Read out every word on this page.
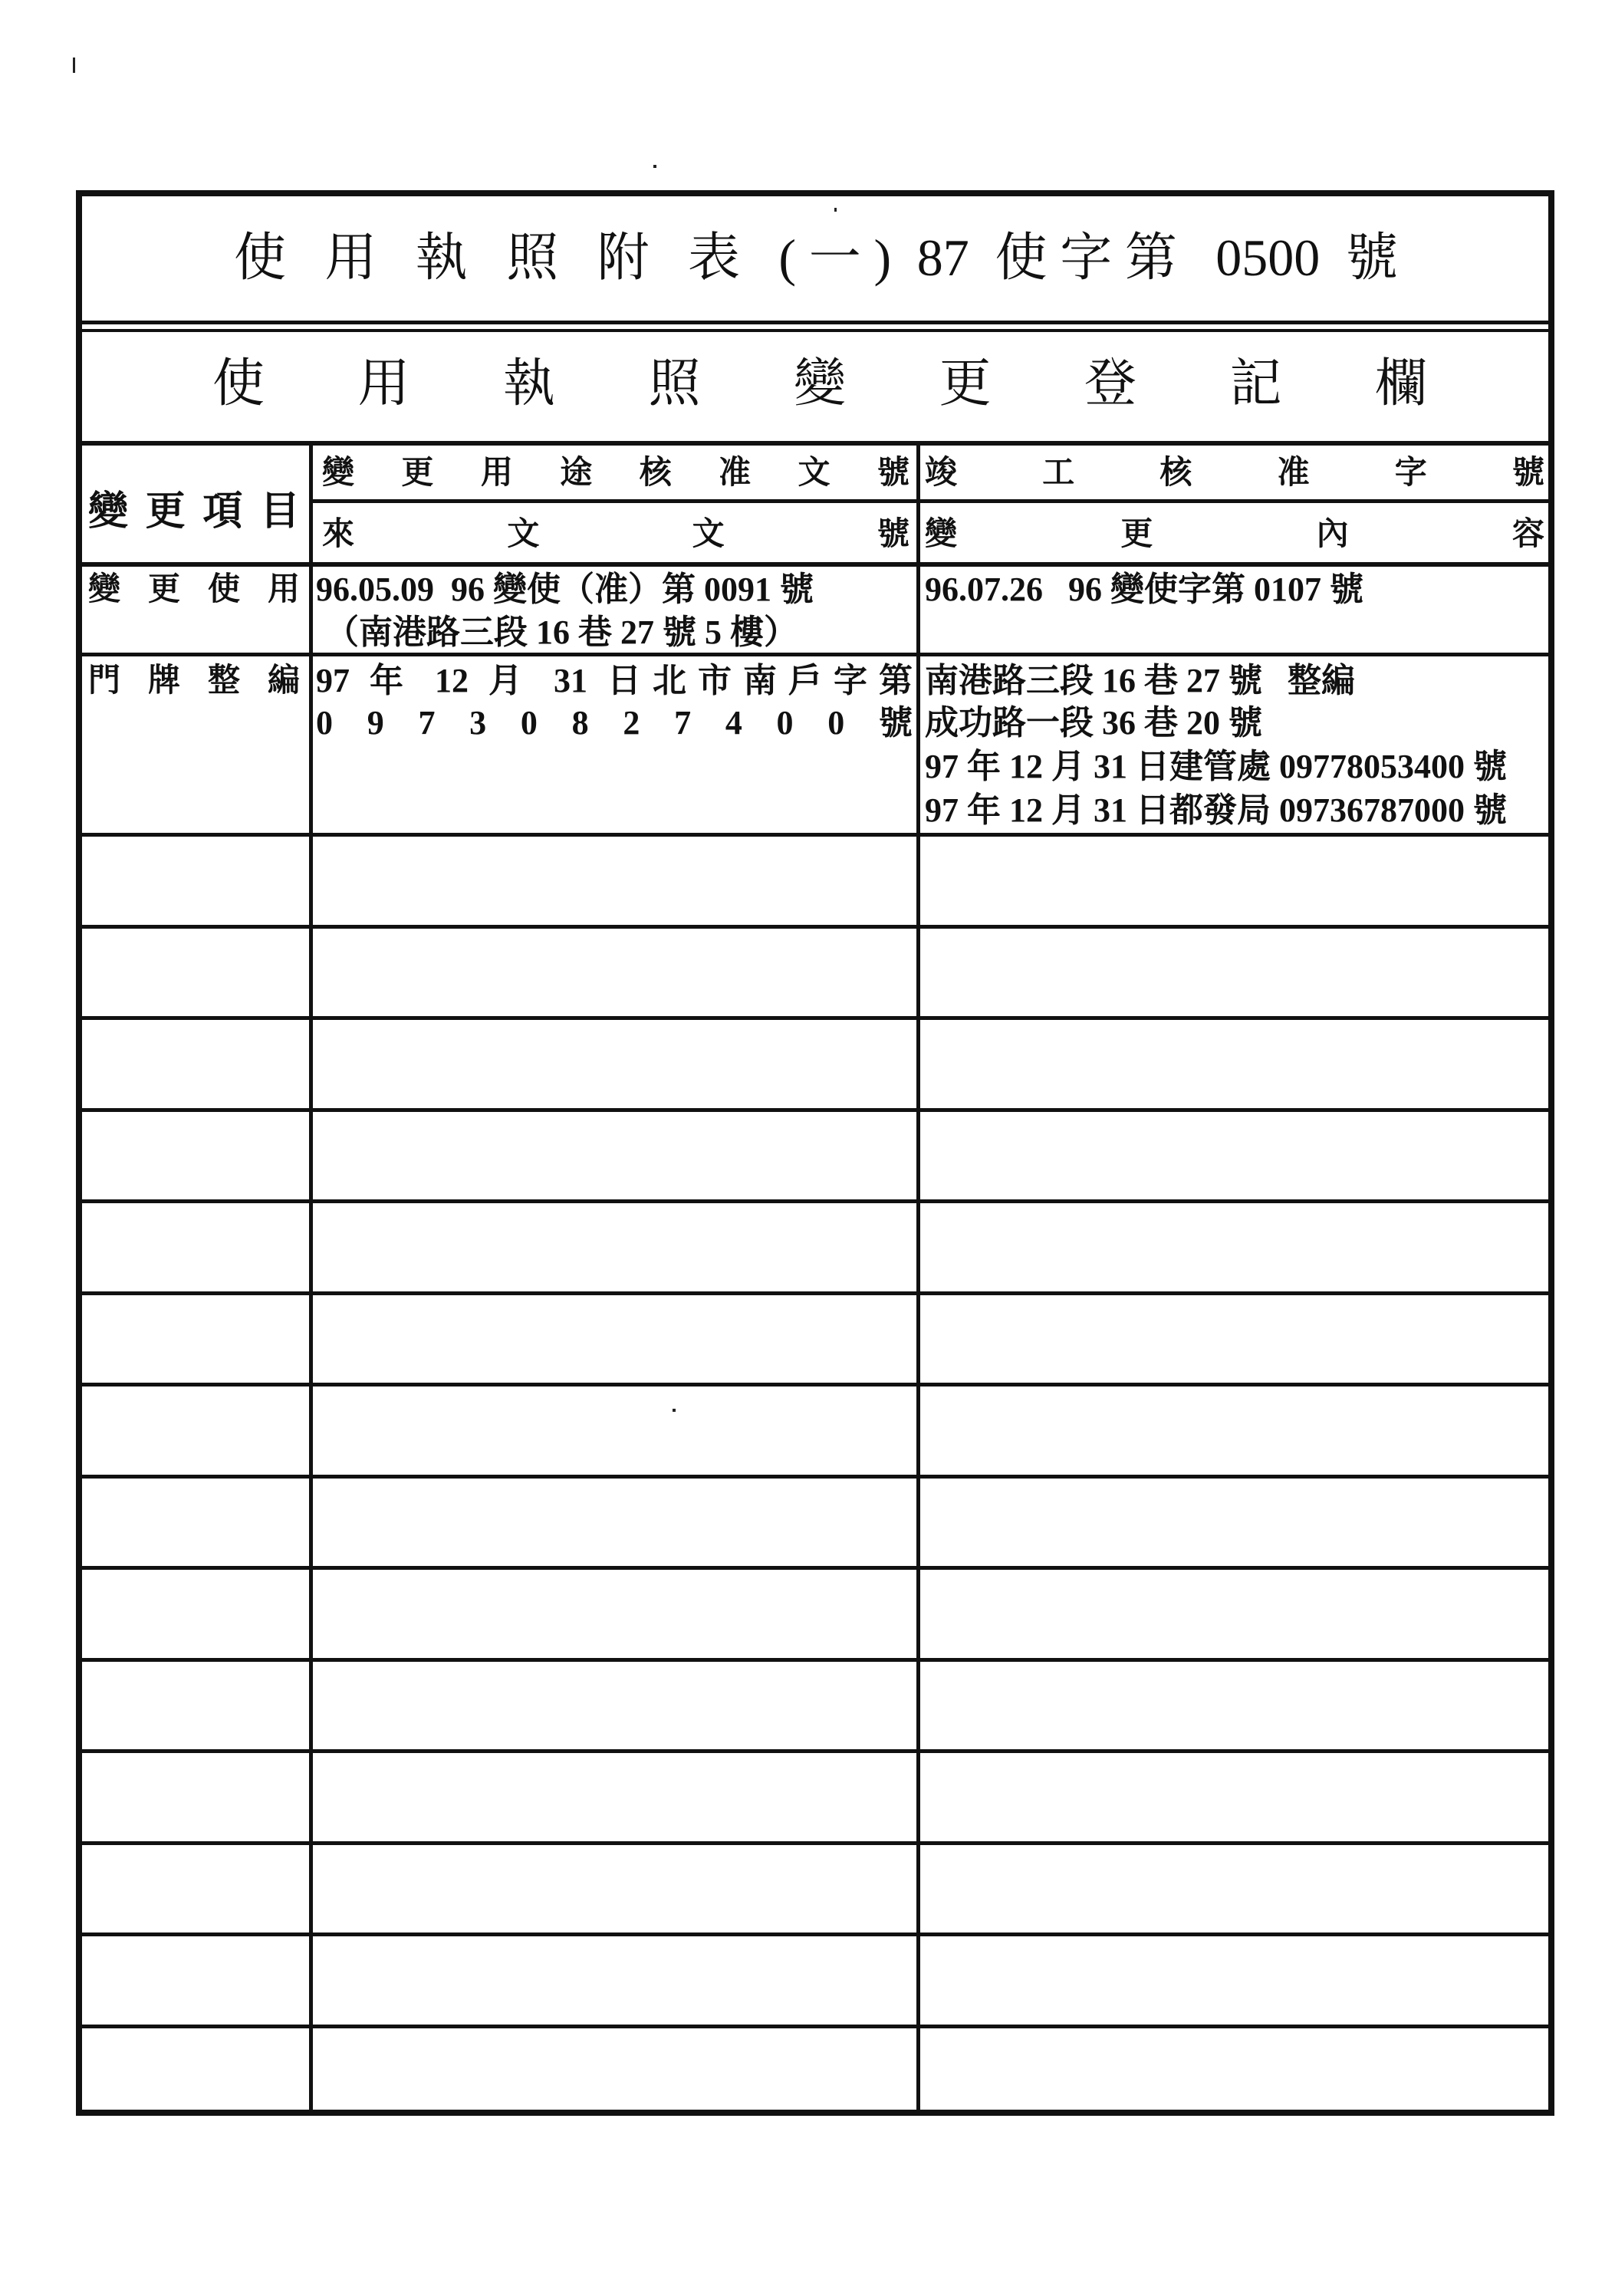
使 用 執 照 附 表 (一) 87 使字第 0500 號
使 用 執 照 變 更 登 記 欄
變 更 項 目
變 更 用 途 核 准 文 號
來 文 文 號
竣 工 核 准 字 號
變 更 內 容
變 更 使 用 96.05.09  96 變使（准）第 0091 號
（南港路三段 16 巷 27 號 5 樓）
96.07.26   96 變使字第 0107 號
門 牌 整 編 97 年 12 月 31 日北市南戶字第
0 9 7 3 0 8 2 7 4 0 0 號
南港路三段 16 巷 27 號   整編
成功路一段 36 巷 20 號
97 年 12 月 31 日建管處 09778053400 號
97 年 12 月 31 日都發局 09736787000 號
